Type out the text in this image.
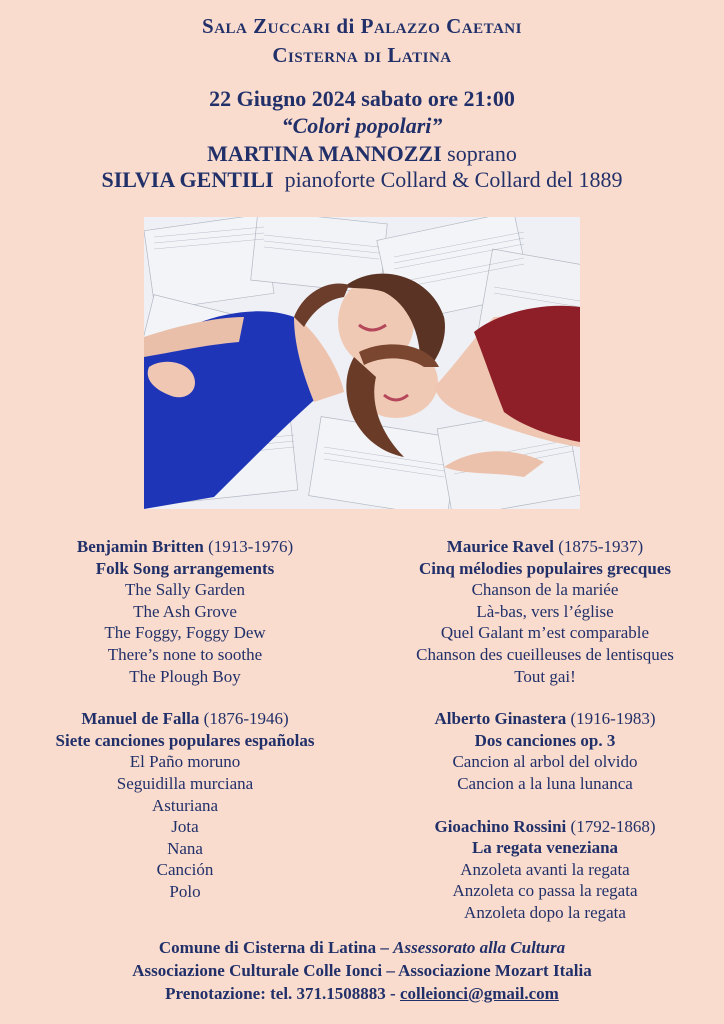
Sala Zuccari di Palazzo Caetani
Cisterna di Latina
22 Giugno 2024 sabato ore 21:00
“Colori popolari”
MARTINA MANNOZZI soprano
SILVIA GENTILI  pianoforte Collard & Collard del 1889
Benjamin Britten (1913-1976)
Folk Song arrangements
The Sally Garden
The Ash Grove
The Foggy, Foggy Dew
There’s none to soothe
The Plough Boy
Manuel de Falla (1876-1946)
Siete canciones populares españolas
El Paño moruno
Seguidilla murciana
Asturiana
Jota
Nana
Canción
Polo
Maurice Ravel (1875-1937)
Cinq mélodies populaires grecques
Chanson de la mariée
Là-bas, vers l’église
Quel Galant m’est comparable
Chanson des cueilleuses de lentisques
Tout gai!
Alberto Ginastera (1916-1983)
Dos canciones op. 3
Cancion al arbol del olvido
Cancion a la luna lunanca
Gioachino Rossini (1792-1868)
La regata veneziana
Anzoleta avanti la regata
Anzoleta co passa la regata
Anzoleta dopo la regata
Comune di Cisterna di Latina – Assessorato alla Cultura
Associazione Culturale Colle Ionci – Associazione Mozart Italia
Prenotazione: tel. 371.1508883 - colleionci@gmail.com
